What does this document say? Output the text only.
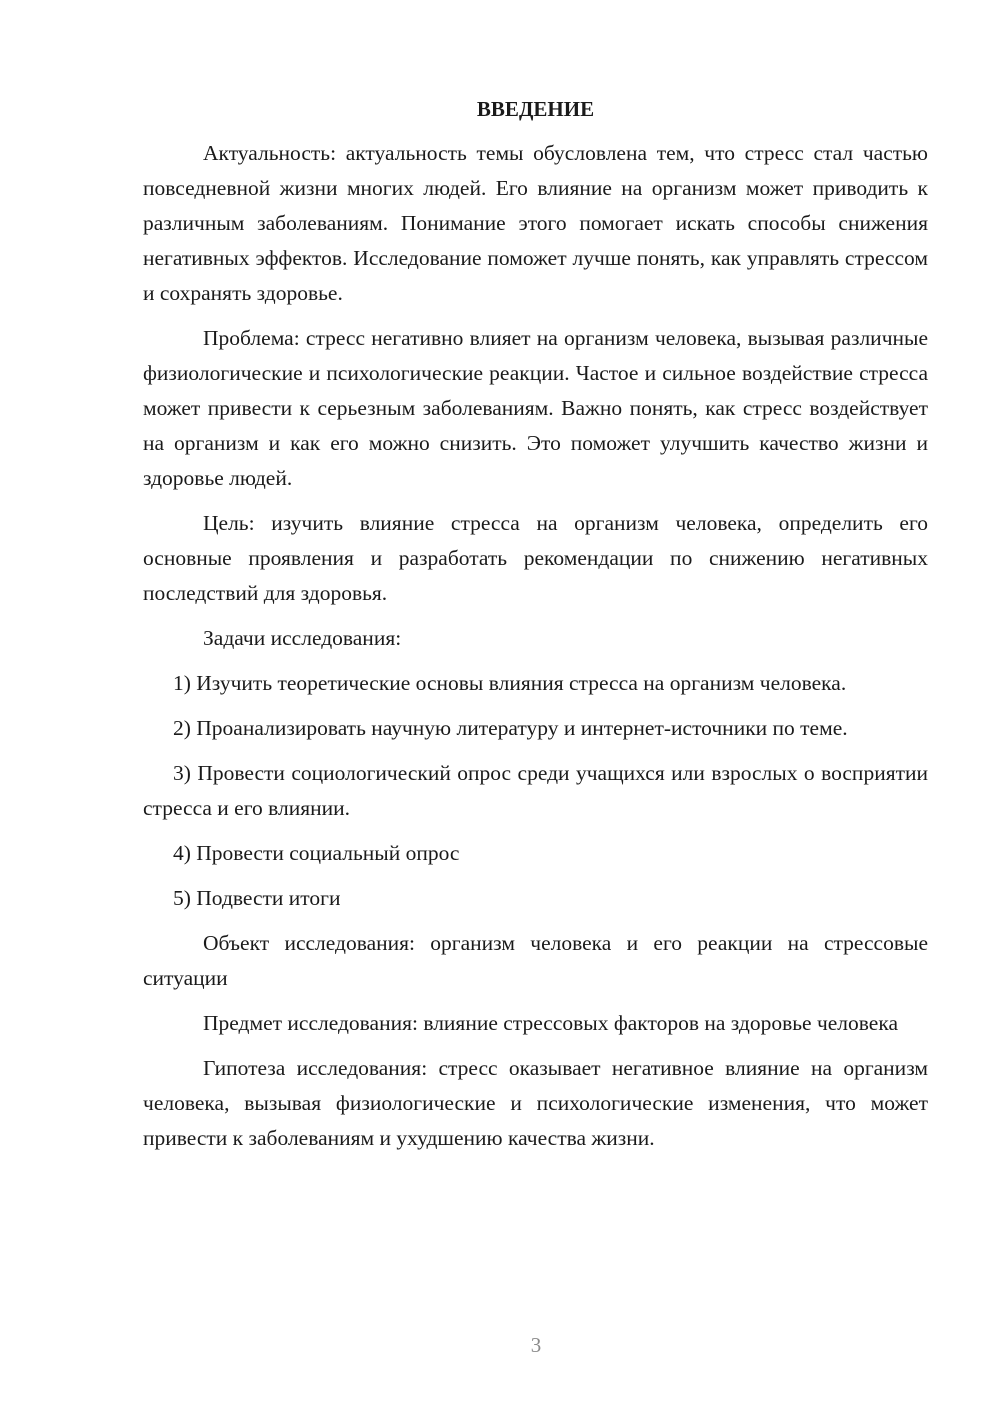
ВВЕДЕНИЕ

Актуальность: актуальность темы обусловлена тем, что стресс стал частью повседневной жизни многих людей. Его влияние на организм может приводить к различным заболеваниям. Понимание этого помогает искать способы снижения негативных эффектов. Исследование поможет лучше понять, как управлять стрессом и сохранять здоровье.

Проблема: стресс негативно влияет на организм человека, вызывая различные физиологические и психологические реакции. Частое и сильное воздействие стресса может привести к серьезным заболеваниям. Важно понять, как стресс воздействует на организм и как его можно снизить. Это поможет улучшить качество жизни и здоровье людей.

Цель: изучить влияние стресса на организм человека, определить его основные проявления и разработать рекомендации по снижению негативных последствий для здоровья.

Задачи исследования:

1) Изучить теоретические основы влияния стресса на организм человека.

2) Проанализировать научную литературу и интернет-источники по теме.

3) Провести социологический опрос среди учащихся или взрослых о восприятии стресса и его влиянии.

4) Провести социальный опрос

5) Подвести итоги

Объект исследования: организм человека и его реакции на стрессовые ситуации

Предмет исследования: влияние стрессовых факторов на здоровье человека

Гипотеза исследования: стресс оказывает негативное влияние на организм человека, вызывая физиологические и психологические изменения, что может привести к заболеваниям и ухудшению качества жизни.

3
